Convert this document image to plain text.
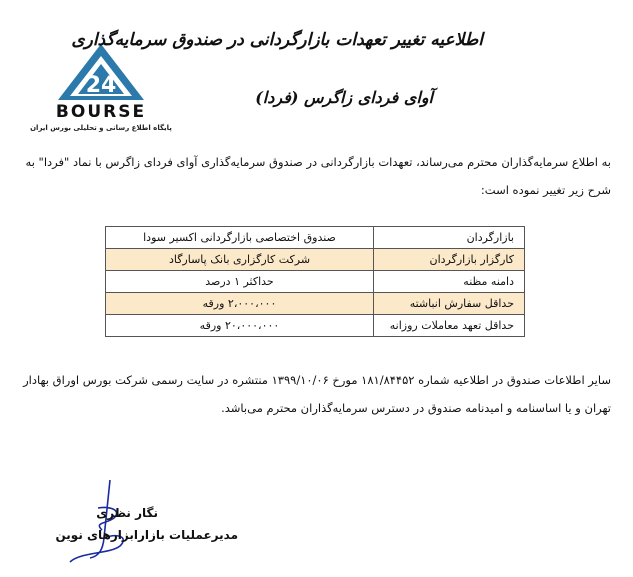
24
BOURSE
پایگاه اطلاع رسانی و تحلیلی بورس ایران
اطلاعیه تغییر تعهدات بازارگردانی در صندوق سرمایه‌گذاری
آوای فردای زاگرس (فردا)
به اطلاع سرمایه‌گذاران محترم می‌رساند، تعهدات بازارگردانی در صندوق سرمایه‌گذاری آوای فردای زاگرس با نماد "فردا" به شرح زیر تغییر نموده است:
بازارگردان	صندوق اختصاصی بازارگردانی اکسیر سودا
کارگزار بازارگردان	شرکت کارگزاری بانک پاسارگاد
دامنه مظنه	حداکثر ۱ درصد
حداقل سفارش انباشته	۲،۰۰۰،۰۰۰ ورقه
حداقل تعهد معاملات روزانه	۲۰،۰۰۰،۰۰۰ ورقه
سایر اطلاعات صندوق در اطلاعیه شماره ۱۸۱/۸۴۴۵۲ مورخ ۱۳۹۹/۱۰/۰۶ منتشره در سایت رسمی شرکت بورس اوراق بهادار تهران و یا اساسنامه و امیدنامه صندوق در دسترس سرمایه‌گذاران محترم می‌باشد.
نگار نظری
مدیرعملیات بازارابزارهای نوین
